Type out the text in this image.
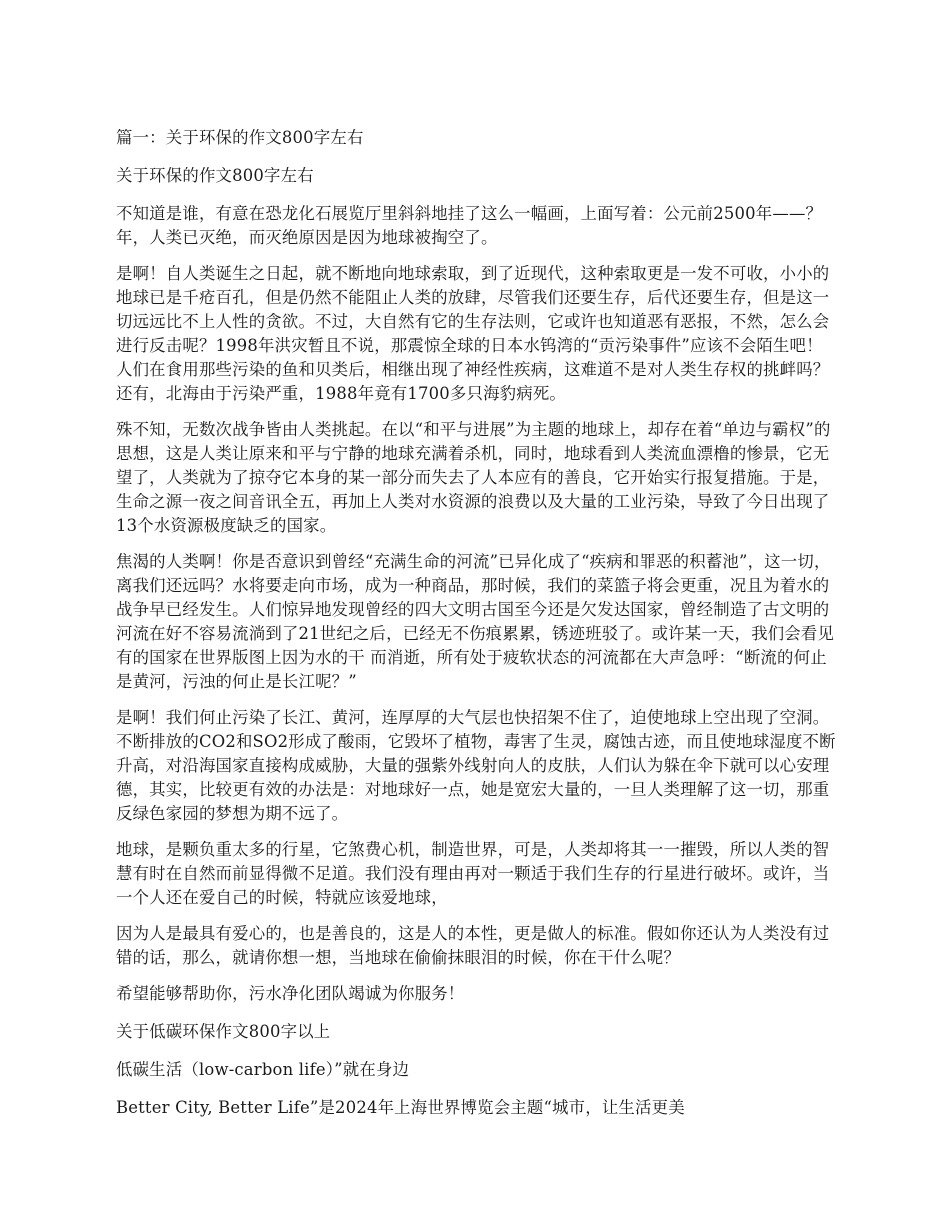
篇一：关于环保的作文800字左右

关于环保的作文800字左右

不知道是谁，有意在恐龙化石展览厅里斜斜地挂了这么一幅画，上面写着：公元前2500年——？年，人类已灭绝，而灭绝原因是因为地球被掏空了。

是啊！自人类诞生之日起，就不断地向地球索取，到了近现代，这种索取更是一发不可收，小小的地球已是千疮百孔，但是仍然不能阻止人类的放肆，尽管我们还要生存，后代还要生存，但是这一切远远比不上人性的贪欲。不过，大自然有它的生存法则，它或许也知道恶有恶报，不然，怎么会进行反击呢？1998年洪灾暂且不说，那震惊全球的日本水钨湾的“贡污染事件”应该不会陌生吧！人们在食用那些污染的鱼和贝类后，相继出现了神经性疾病，这难道不是对人类生存权的挑衅吗？还有，北海由于污染严重，1988年竟有1700多只海豹病死。

殊不知，无数次战争皆由人类挑起。在以“和平与进展”为主题的地球上，却存在着“单边与霸权”的思想，这是人类让原来和平与宁静的地球充满着杀机，同时，地球看到人类流血漂橹的惨景，它无望了，人类就为了掠夺它本身的某一部分而失去了人本应有的善良，它开始实行报复措施。于是，生命之源一夜之间音讯全五，再加上人类对水资源的浪费以及大量的工业污染，导致了今日出现了13个水资源极度缺乏的国家。

焦渴的人类啊！你是否意识到曾经“充满生命的河流”已异化成了“疾病和罪恶的积蓄池”，这一切，离我们还远吗？水将要走向市场，成为一种商品，那时候，我们的菜篮子将会更重，况且为着水的战争早已经发生。人们惊异地发现曾经的四大文明古国至今还是欠发达国家，曾经制造了古文明的河流在好不容易流淌到了21世纪之后，已经无不伤痕累累，锈迹班驳了。或许某一天，我们会看见有的国家在世界版图上因为水的干 而消逝，所有处于疲软状态的河流都在大声急呼：“断流的何止是黄河，污浊的何止是长江呢？”

是啊！我们何止污染了长江、黄河，连厚厚的大气层也快招架不住了，迫使地球上空出现了空洞。不断排放的CO2和SO2形成了酸雨，它毁坏了植物，毒害了生灵，腐蚀古迹，而且使地球湿度不断升高，对沿海国家直接构成威胁，大量的强紫外线射向人的皮肤，人们认为躲在伞下就可以心安理德，其实，比较更有效的办法是：对地球好一点，她是宽宏大量的，一旦人类理解了这一切，那重反绿色家园的梦想为期不远了。

地球，是颗负重太多的行星，它煞费心机，制造世界，可是，人类却将其一一摧毁，所以人类的智慧有时在自然而前显得微不足道。我们没有理由再对一颗适于我们生存的行星进行破坏。或许，当一个人还在爱自己的时候，特就应该爱地球，

因为人是最具有爱心的，也是善良的，这是人的本性，更是做人的标准。假如你还认为人类没有过错的话，那么，就请你想一想，当地球在偷偷抹眼泪的时候，你在干什么呢？

希望能够帮助你，污水净化团队竭诚为你服务！

关于低碳环保作文800字以上

低碳生活（low-carbon life）”就在身边

Better City, Better Life”是2024年上海世界博览会主题“城市，让生活更美
